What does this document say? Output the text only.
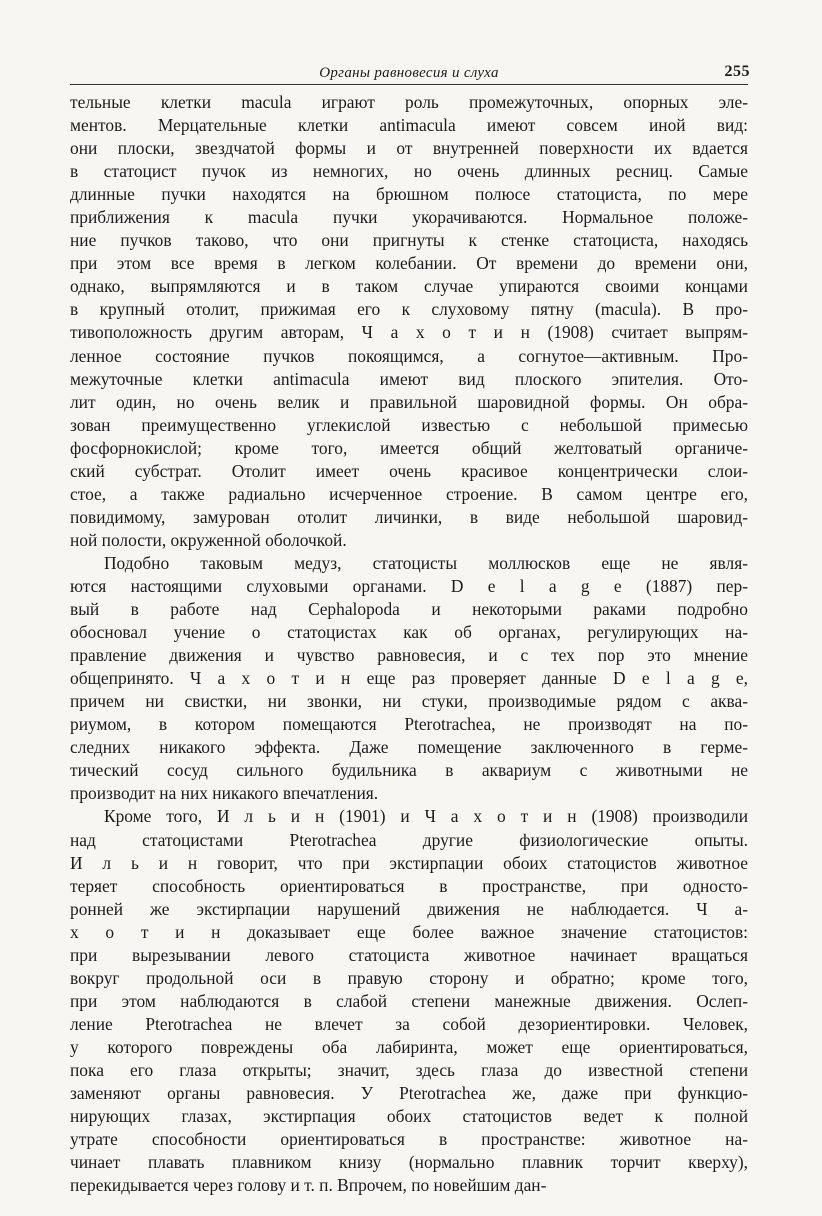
Органы равновесия и слуха	255
тельные клетки macula играют роль промежуточных, опорных эле-
ментов. Мерцательные клетки antimacula имеют совсем иной вид:
они плоски, звездчатой формы и от внутренней поверхности их вдается
в статоцист пучок из немногих, но очень длинных ресниц. Самые
длинные пучки находятся на брюшном полюсе статоциста, по мере
приближения к macula пучки укорачиваются. Нормальное положе-
ние пучков таково, что они пригнуты к стенке статоциста, находясь
при этом все время в легком колебании. От времени до времени они,
однако, выпрямляются и в таком случае упираются своими концами
в крупный отолит, прижимая его к слуховому пятну (macula). В про-
тивоположность другим авторам, Ч а х о т и н (1908) считает выпрям-
ленное состояние пучков покоящимся, а согнутое—активным. Про-
межуточные клетки antimacula имеют вид плоского эпителия. Ото-
лит один, но очень велик и правильной шаровидной формы. Он обра-
зован преимущественно углекислой известью с небольшой примесью
фосфорнокислой; кроме того, имеется общий желтоватый органиче-
ский субстрат. Отолит имеет очень красивое концентрически слои-
стое, а также радиально исчерченное строение. В самом центре его,
повидимому, замурован отолит личинки, в виде небольшой шаровид-
ной полости, окруженной оболочкой.
Подобно таковым медуз, статоцисты моллюсков еще не явля-
ются настоящими слуховыми органами. D e l a g e (1887) пер-
вый в работе над Cephalopoda и некоторыми раками подробно
обосновал учение о статоцистах как об органах, регулирующих на-
правление движения и чувство равновесия, и с тех пор это мнение
общепринято. Ч а х о т и н еще раз проверяет данные D e l a g e,
причем ни свистки, ни звонки, ни стуки, производимые рядом с аква-
риумом, в котором помещаются Pterotrachea, не производят на по-
следних никакого эффекта. Даже помещение заключенного в герме-
тический сосуд сильного будильника в аквариум с животными не
производит на них никакого впечатления.
Кроме того, И л ь и н (1901) и Ч а х о т и н (1908) производили
над статоцистами Pterotrachea другие физиологические опыты.
И л ь и н говорит, что при экстирпации обоих статоцистов животное
теряет способность ориентироваться в пространстве, при односто-
ронней же экстирпации нарушений движения не наблюдается. Ч а-
х о т и н доказывает еще более важное значение статоцистов:
при вырезывании левого статоциста животное начинает вращаться
вокруг продольной оси в правую сторону и обратно; кроме того,
при этом наблюдаются в слабой степени манежные движения. Ослеп-
ление Pterotrachea не влечет за собой дезориентировки. Человек,
у которого повреждены оба лабиринта, может еще ориентироваться,
пока его глаза открыты; значит, здесь глаза до известной степени
заменяют органы равновесия. У Pterotrachea же, даже при функцио-
нирующих глазах, экстирпация обоих статоцистов ведет к полной
утрате способности ориентироваться в пространстве: животное на-
чинает плавать плавником книзу (нормально плавник торчит кверху),
перекидывается через голову и т. п. Впрочем, по новейшим дан-
